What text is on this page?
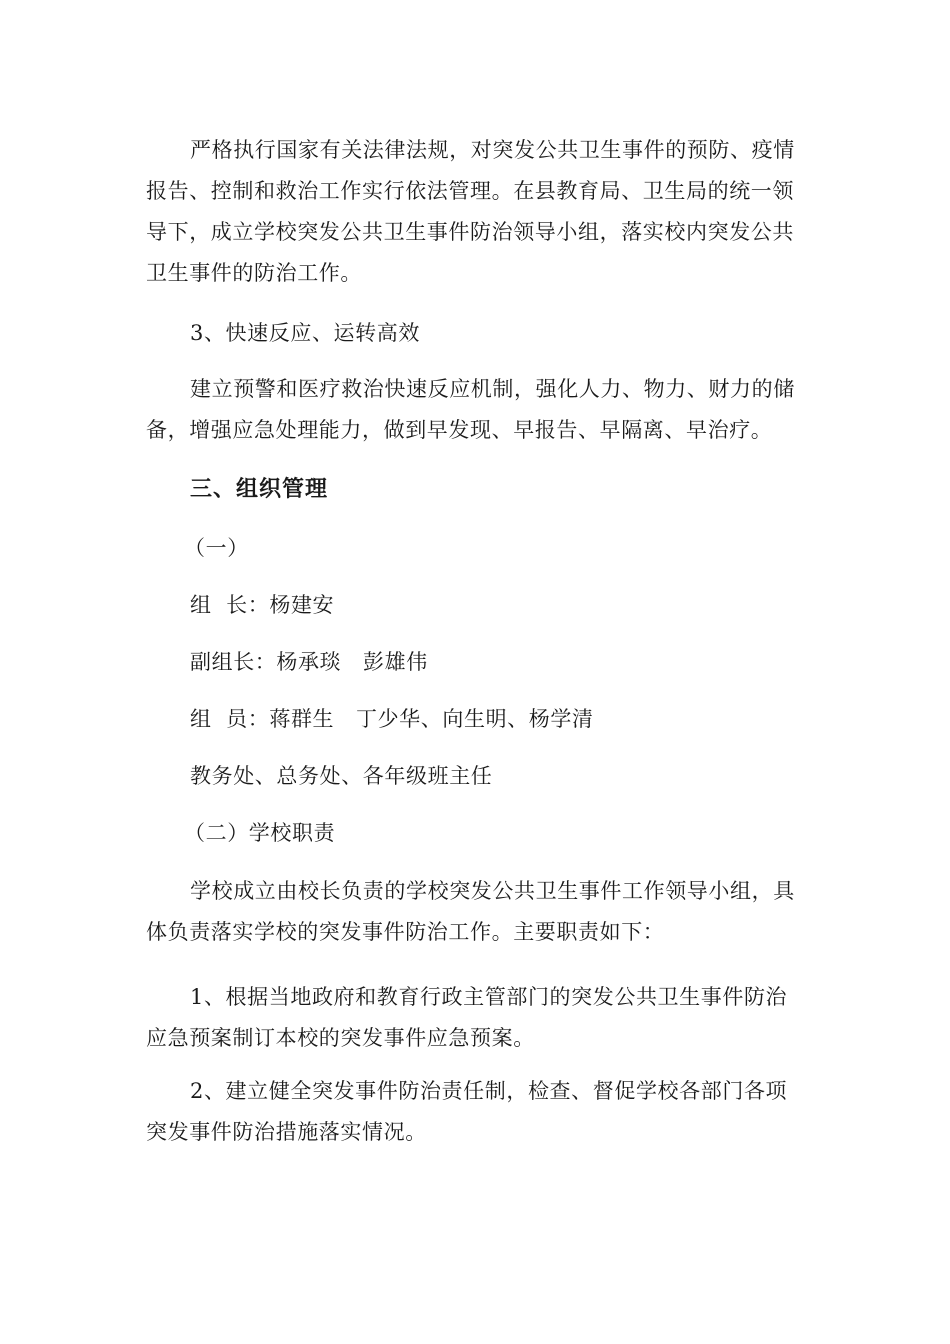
严格执行国家有关法律法规，对突发公共卫生事件的预防、疫情报告、控制和救治工作实行依法管理。在县教育局、卫生局的统一领导下，成立学校突发公共卫生事件防治领导小组，落实校内突发公共卫生事件的防治工作。

3、快速反应、运转高效

建立预警和医疗救治快速反应机制，强化人力、物力、财力的储备，增强应急处理能力，做到早发现、早报告、早隔离、早治疗。

三、组织管理

（一）

组  长：杨建安

副组长：杨承琰   彭雄伟

组  员：蒋群生   丁少华、向生明、杨学清

教务处、总务处、各年级班主任

（二）学校职责

学校成立由校长负责的学校突发公共卫生事件工作领导小组，具体负责落实学校的突发事件防治工作。主要职责如下：

1、根据当地政府和教育行政主管部门的突发公共卫生事件防治应急预案制订本校的突发事件应急预案。

2、建立健全突发事件防治责任制，检查、督促学校各部门各项突发事件防治措施落实情况。
